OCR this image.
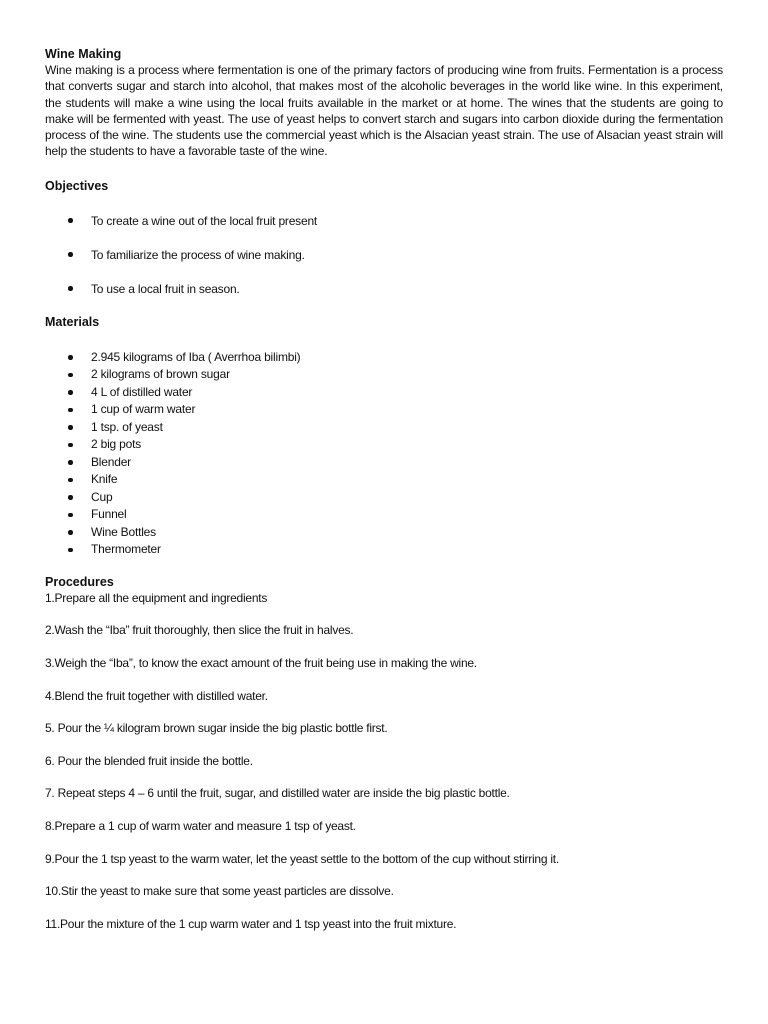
Wine Making

Wine making is a process where fermentation is one of the primary factors of producing wine from fruits. Fermentation is a process that converts sugar and starch into alcohol, that makes most of the alcoholic beverages in the world like wine. In this experiment, the students will make a wine using the local fruits available in the market or at home. The wines that the students are going to make will be fermented with yeast. The use of yeast helps to convert starch and sugars into carbon dioxide during the fermentation process of the wine. The students use the commercial yeast which is the Alsacian yeast strain. The use of Alsacian yeast strain will help the students to have a favorable taste of the wine.

Objectives
To create a wine out of the local fruit present
To familiarize the process of wine making.
To use a local fruit in season.
Materials
2.945 kilograms of Iba ( Averrhoa bilimbi)
2 kilograms of brown sugar
4 L of distilled water
1 cup of warm water
1 tsp. of yeast
2 big pots
Blender
Knife
Cup
Funnel
Wine Bottles
Thermometer
Procedures
1.Prepare all the equipment and ingredients
2.Wash the “Iba” fruit thoroughly, then slice the fruit in halves.
3.Weigh the “Iba”, to know the exact amount of the fruit being use in making the wine.
4.Blend the fruit together with distilled water.
5. Pour the ¼ kilogram brown sugar inside the big plastic bottle first.
6. Pour the blended fruit inside the bottle.
7. Repeat steps 4 – 6 until the fruit, sugar, and distilled water are inside the big plastic bottle.
8.Prepare a 1 cup of warm water and measure 1 tsp of yeast.
9.Pour the 1 tsp yeast to the warm water, let the yeast settle to the bottom of the cup without stirring it.
10.Stir the yeast to make sure that some yeast particles are dissolve.
11.Pour the mixture of the 1 cup warm water and 1 tsp yeast into the fruit mixture.
